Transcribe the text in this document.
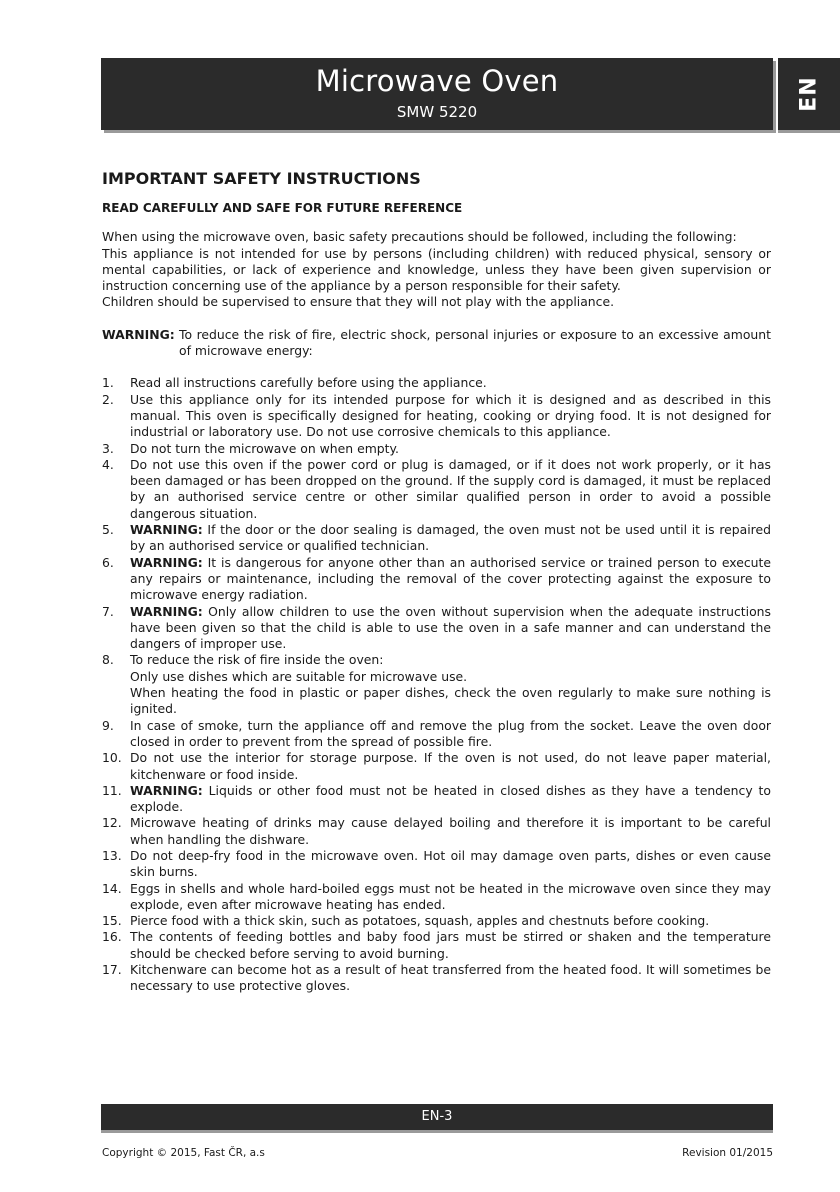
Microwave Oven
SMW 5220
EN
IMPORTANT SAFETY INSTRUCTIONS
READ CAREFULLY AND SAFE FOR FUTURE REFERENCE

When using the microwave oven, basic safety precautions should be followed, including the following:

This appliance is not intended for use by persons (including children) with reduced physical, sensory or mental capabilities, or lack of experience and knowledge, unless they have been given supervision or instruction concerning use of the appliance by a person responsible for their safety.

Children should be supervised to ensure that they will not play with the appliance.

WARNING: To reduce the risk of fire, electric shock, personal injuries or exposure to an excessive amount of microwave energy:
1.	Read all instructions carefully before using the appliance.
2.	Use this appliance only for its intended purpose for which it is designed and as described in this manual. This oven is specifically designed for heating, cooking or drying food. It is not designed for industrial or laboratory use. Do not use corrosive chemicals to this appliance.
3.	Do not turn the microwave on when empty.
4.	Do not use this oven if the power cord or plug is damaged, or if it does not work properly, or it has been damaged or has been dropped on the ground. If the supply cord is damaged, it must be replaced by an authorised service centre or other similar qualified person in order to avoid a possible dangerous situation.
5.	WARNING: If the door or the door sealing is damaged, the oven must not be used until it is repaired by an authorised service or qualified technician.
6.	WARNING: It is dangerous for anyone other than an authorised service or trained person to execute any repairs or maintenance, including the removal of the cover protecting against the exposure to microwave energy radiation.
7.	WARNING: Only allow children to use the oven without supervision when the adequate instructions have been given so that the child is able to use the oven in a safe manner and can understand the dangers of improper use.
8.	To reduce the risk of fire inside the oven:
Only use dishes which are suitable for microwave use.
When heating the food in plastic or paper dishes, check the oven regularly to make sure nothing is ignited.
9.	In case of smoke, turn the appliance off and remove the plug from the socket. Leave the oven door closed in order to prevent from the spread of possible fire.
10. Do not use the interior for storage purpose. If the oven is not used, do not leave paper material, kitchenware or food inside.
11. WARNING: Liquids or other food must not be heated in closed dishes as they have a tendency to explode.
12. Microwave heating of drinks may cause delayed boiling and therefore it is important to be careful when handling the dishware.
13. Do not deep-fry food in the microwave oven. Hot oil may damage oven parts, dishes or even cause skin burns.
14. Eggs in shells and whole hard-boiled eggs must not be heated in the microwave oven since they may explode, even after microwave heating has ended.
15. Pierce food with a thick skin, such as potatoes, squash, apples and chestnuts before cooking.
16. The contents of feeding bottles and baby food jars must be stirred or shaken and the temperature should be checked before serving to avoid burning.
17. Kitchenware can become hot as a result of heat transferred from the heated food. It will sometimes be necessary to use protective gloves.
EN-3
Copyright © 2015, Fast ČR, a.s	Revision 01/2015
